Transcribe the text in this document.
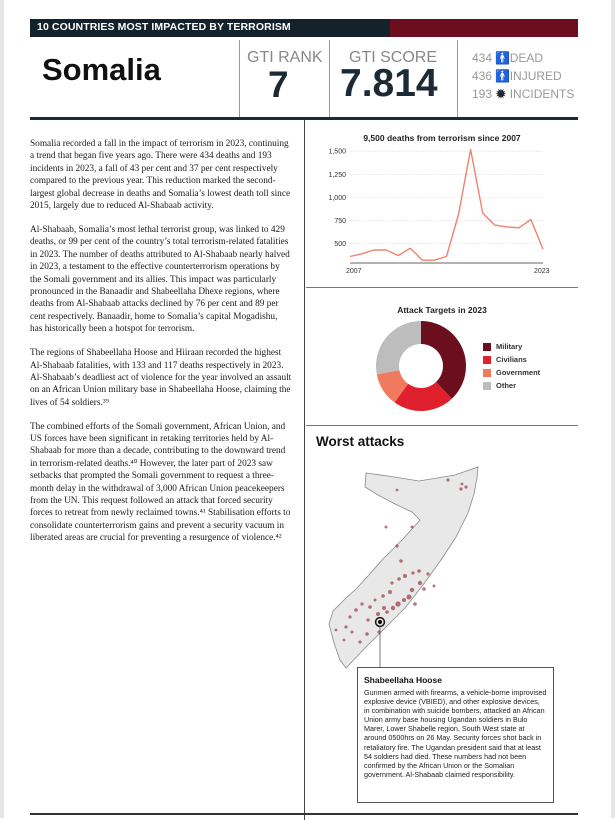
10 COUNTRIES MOST IMPACTED BY TERRORISM
Somalia	GTI RANK
7
GTI SCORE
7.814
434 🚹 DEAD
436 🚹 INJURED
193 ✹ INCIDENTS

Somalia recorded a fall in the impact of terrorism in 2023, continuing a trend that began five years ago. There were 434 deaths and 193 incidents in 2023, a fall of 43 per cent and 37 per cent respectively compared to the previous year. This reduction marked the second-largest global decrease in deaths and Somalia’s lowest death toll since 2015, largely due to reduced Al-Shabaab activity.

Al-Shabaab, Somalia’s most lethal terrorist group, was linked to 429 deaths, or 99 per cent of the country’s total terrorism-related fatalities in 2023. The number of deaths attributed to Al-Shabaab nearly halved in 2023, a testament to the effective counterterrorism operations by the Somali government and its allies. This impact was particularly pronounced in the Banaadir and Shabeellaha Dhexe regions, where deaths from Al-Shabaab attacks declined by 76 per cent and 89 per cent respectively. Banaadir, home to Somalia’s capital Mogadishu, has historically been a hotspot for terrorism.

The regions of Shabeellaha Hoose and Hiiraan recorded the highest Al-Shabaab fatalities, with 133 and 117 deaths respectively in 2023. Al-Shabaab’s deadliest act of violence for the year involved an assault on an African Union military base in Shabeellaha Hoose, claiming the lives of 54 soldiers.³⁹

The combined efforts of the Somali government, African Union, and US forces have been significant in retaking territories held by Al-Shabaab for more than a decade, contributing to the downward trend in terrorism-related deaths.⁴⁰ However, the later part of 2023 saw setbacks that prompted the Somali government to request a three-month delay in the withdrawal of 3,000 African Union peacekeepers from the UN. This request followed an attack that forced security forces to retreat from newly reclaimed towns.⁴¹ Stabilisation efforts to consolidate counterterrorism gains and prevent a security vacuum in liberated areas are crucial for preventing a resurgence of violence.⁴²

9,500 deaths from terrorism since 2007
500
750
1,000
1,250
1,500
2007	2023
Attack Targets in 2023
Military
Civilians
Government
Other
Worst attacks
Shabeellaha Hoose
Gunmen armed with firearms, a vehicle-borne improvised explosive device (VBIED), and other explosive devices, in combination with suicide bombers, attacked an African Union army base housing Ugandan soldiers in Bulo Marer, Lower Shabelle region, South West state at around 0500hrs on 26 May. Security forces shot back in retaliatory fire. The Ugandan president said that at least 54 soldiers had died. These numbers had not been confirmed by the African Union or the Somalian government. Al-Shabaab claimed responsibility.
